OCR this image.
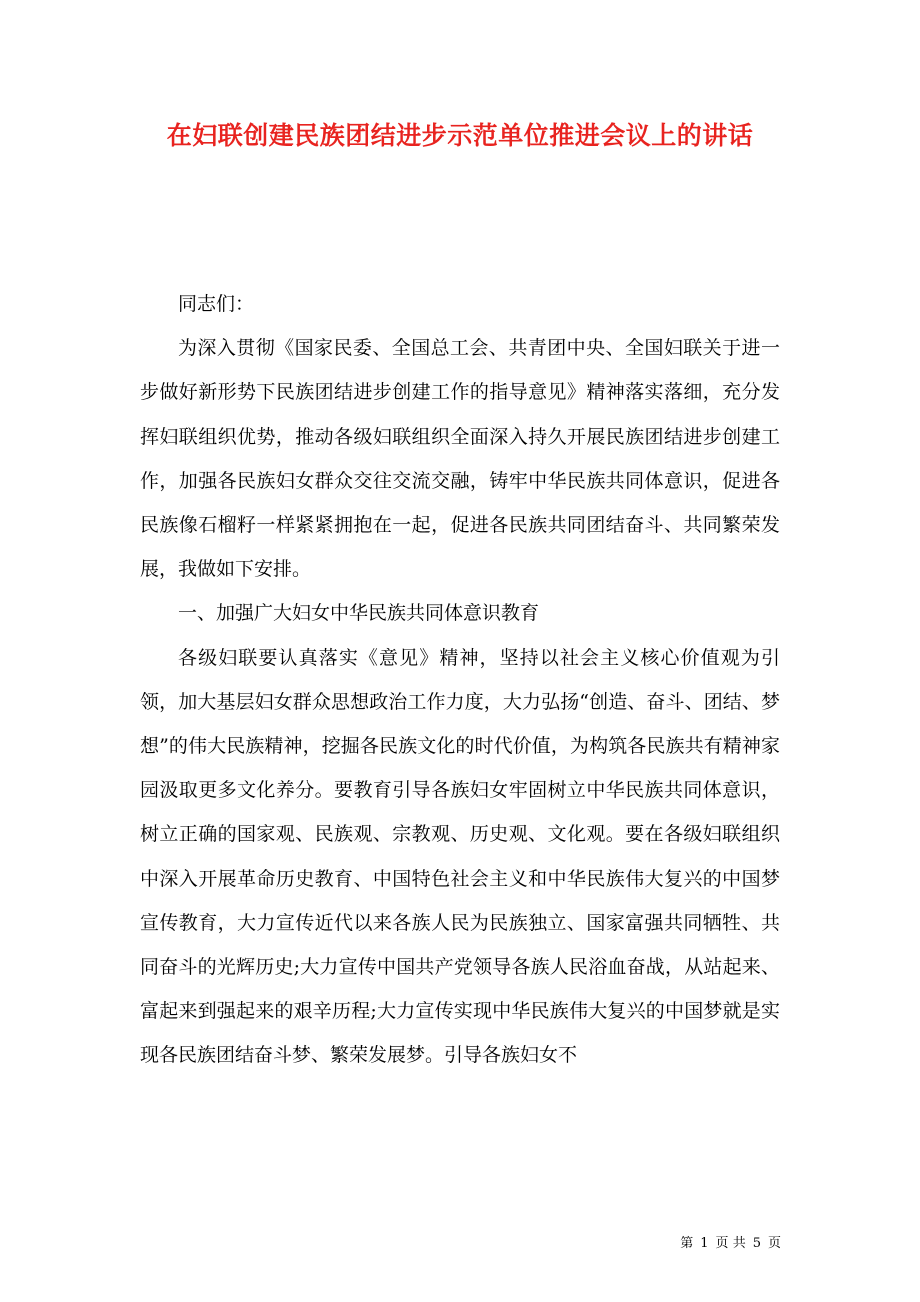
在妇联创建民族团结进步示范单位推进会议上的讲话

同志们：

为深入贯彻《国家民委、全国总工会、共青团中央、全国妇联关于进一步做好新形势下民族团结进步创建工作的指导意见》精神落实落细，充分发挥妇联组织优势，推动各级妇联组织全面深入持久开展民族团结进步创建工作，加强各民族妇女群众交往交流交融，铸牢中华民族共同体意识，促进各民族像石榴籽一样紧紧拥抱在一起，促进各民族共同团结奋斗、共同繁荣发展，我做如下安排。

一、加强广大妇女中华民族共同体意识教育

各级妇联要认真落实《意见》精神，坚持以社会主义核心价值观为引领，加大基层妇女群众思想政治工作力度，大力弘扬“创造、奋斗、团结、梦想”的伟大民族精神，挖掘各民族文化的时代价值，为构筑各民族共有精神家园汲取更多文化养分。要教育引导各族妇女牢固树立中华民族共同体意识，树立正确的国家观、民族观、宗教观、历史观、文化观。要在各级妇联组织中深入开展革命历史教育、中国特色社会主义和中华民族伟大复兴的中国梦宣传教育，大力宣传近代以来各族人民为民族独立、国家富强共同牺牲、共同奋斗的光辉历史;大力宣传中国共产党领导各族人民浴血奋战，从站起来、富起来到强起来的艰辛历程;大力宣传实现中华民族伟大复兴的中国梦就是实现各民族团结奋斗梦、繁荣发展梦。引导各族妇女不

第 1 页 共 5 页
